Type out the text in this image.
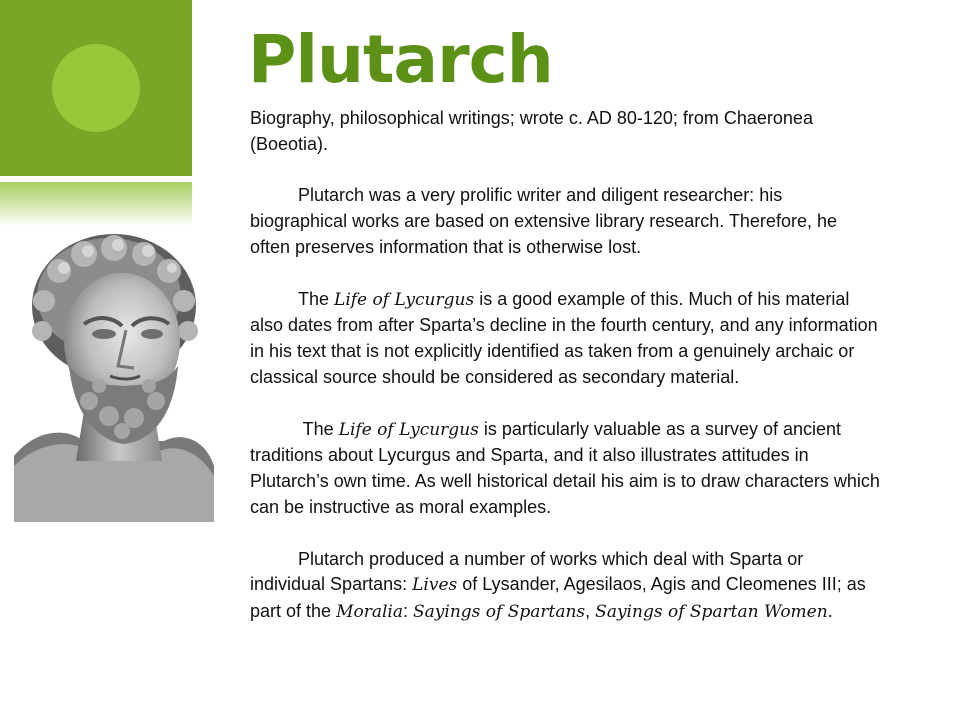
Plutarch

Biography, philosophical writings; wrote c. AD 80-120; from Chaeronea (Boeotia).

Plutarch was a very prolific writer and diligent researcher: his biographical works are based on extensive library research. Therefore, he often preserves information that is otherwise lost.

The Life of Lycurgus is a good example of this. Much of his material also dates from after Sparta’s decline in the fourth century, and any information in his text that is not explicitly identified as taken from a genuinely archaic or classical source should be considered as secondary material.

The Life of Lycurgus is particularly valuable as a survey of ancient traditions about Lycurgus and Sparta, and it also illustrates attitudes in Plutarch’s own time. As well historical detail his aim is to draw characters which can be instructive as moral examples.

Plutarch produced a number of works which deal with Sparta or individual Spartans: Lives of Lysander, Agesilaos, Agis and Cleomenes III; as part of the Moralia: Sayings of Spartans, Sayings of Spartan Women.
